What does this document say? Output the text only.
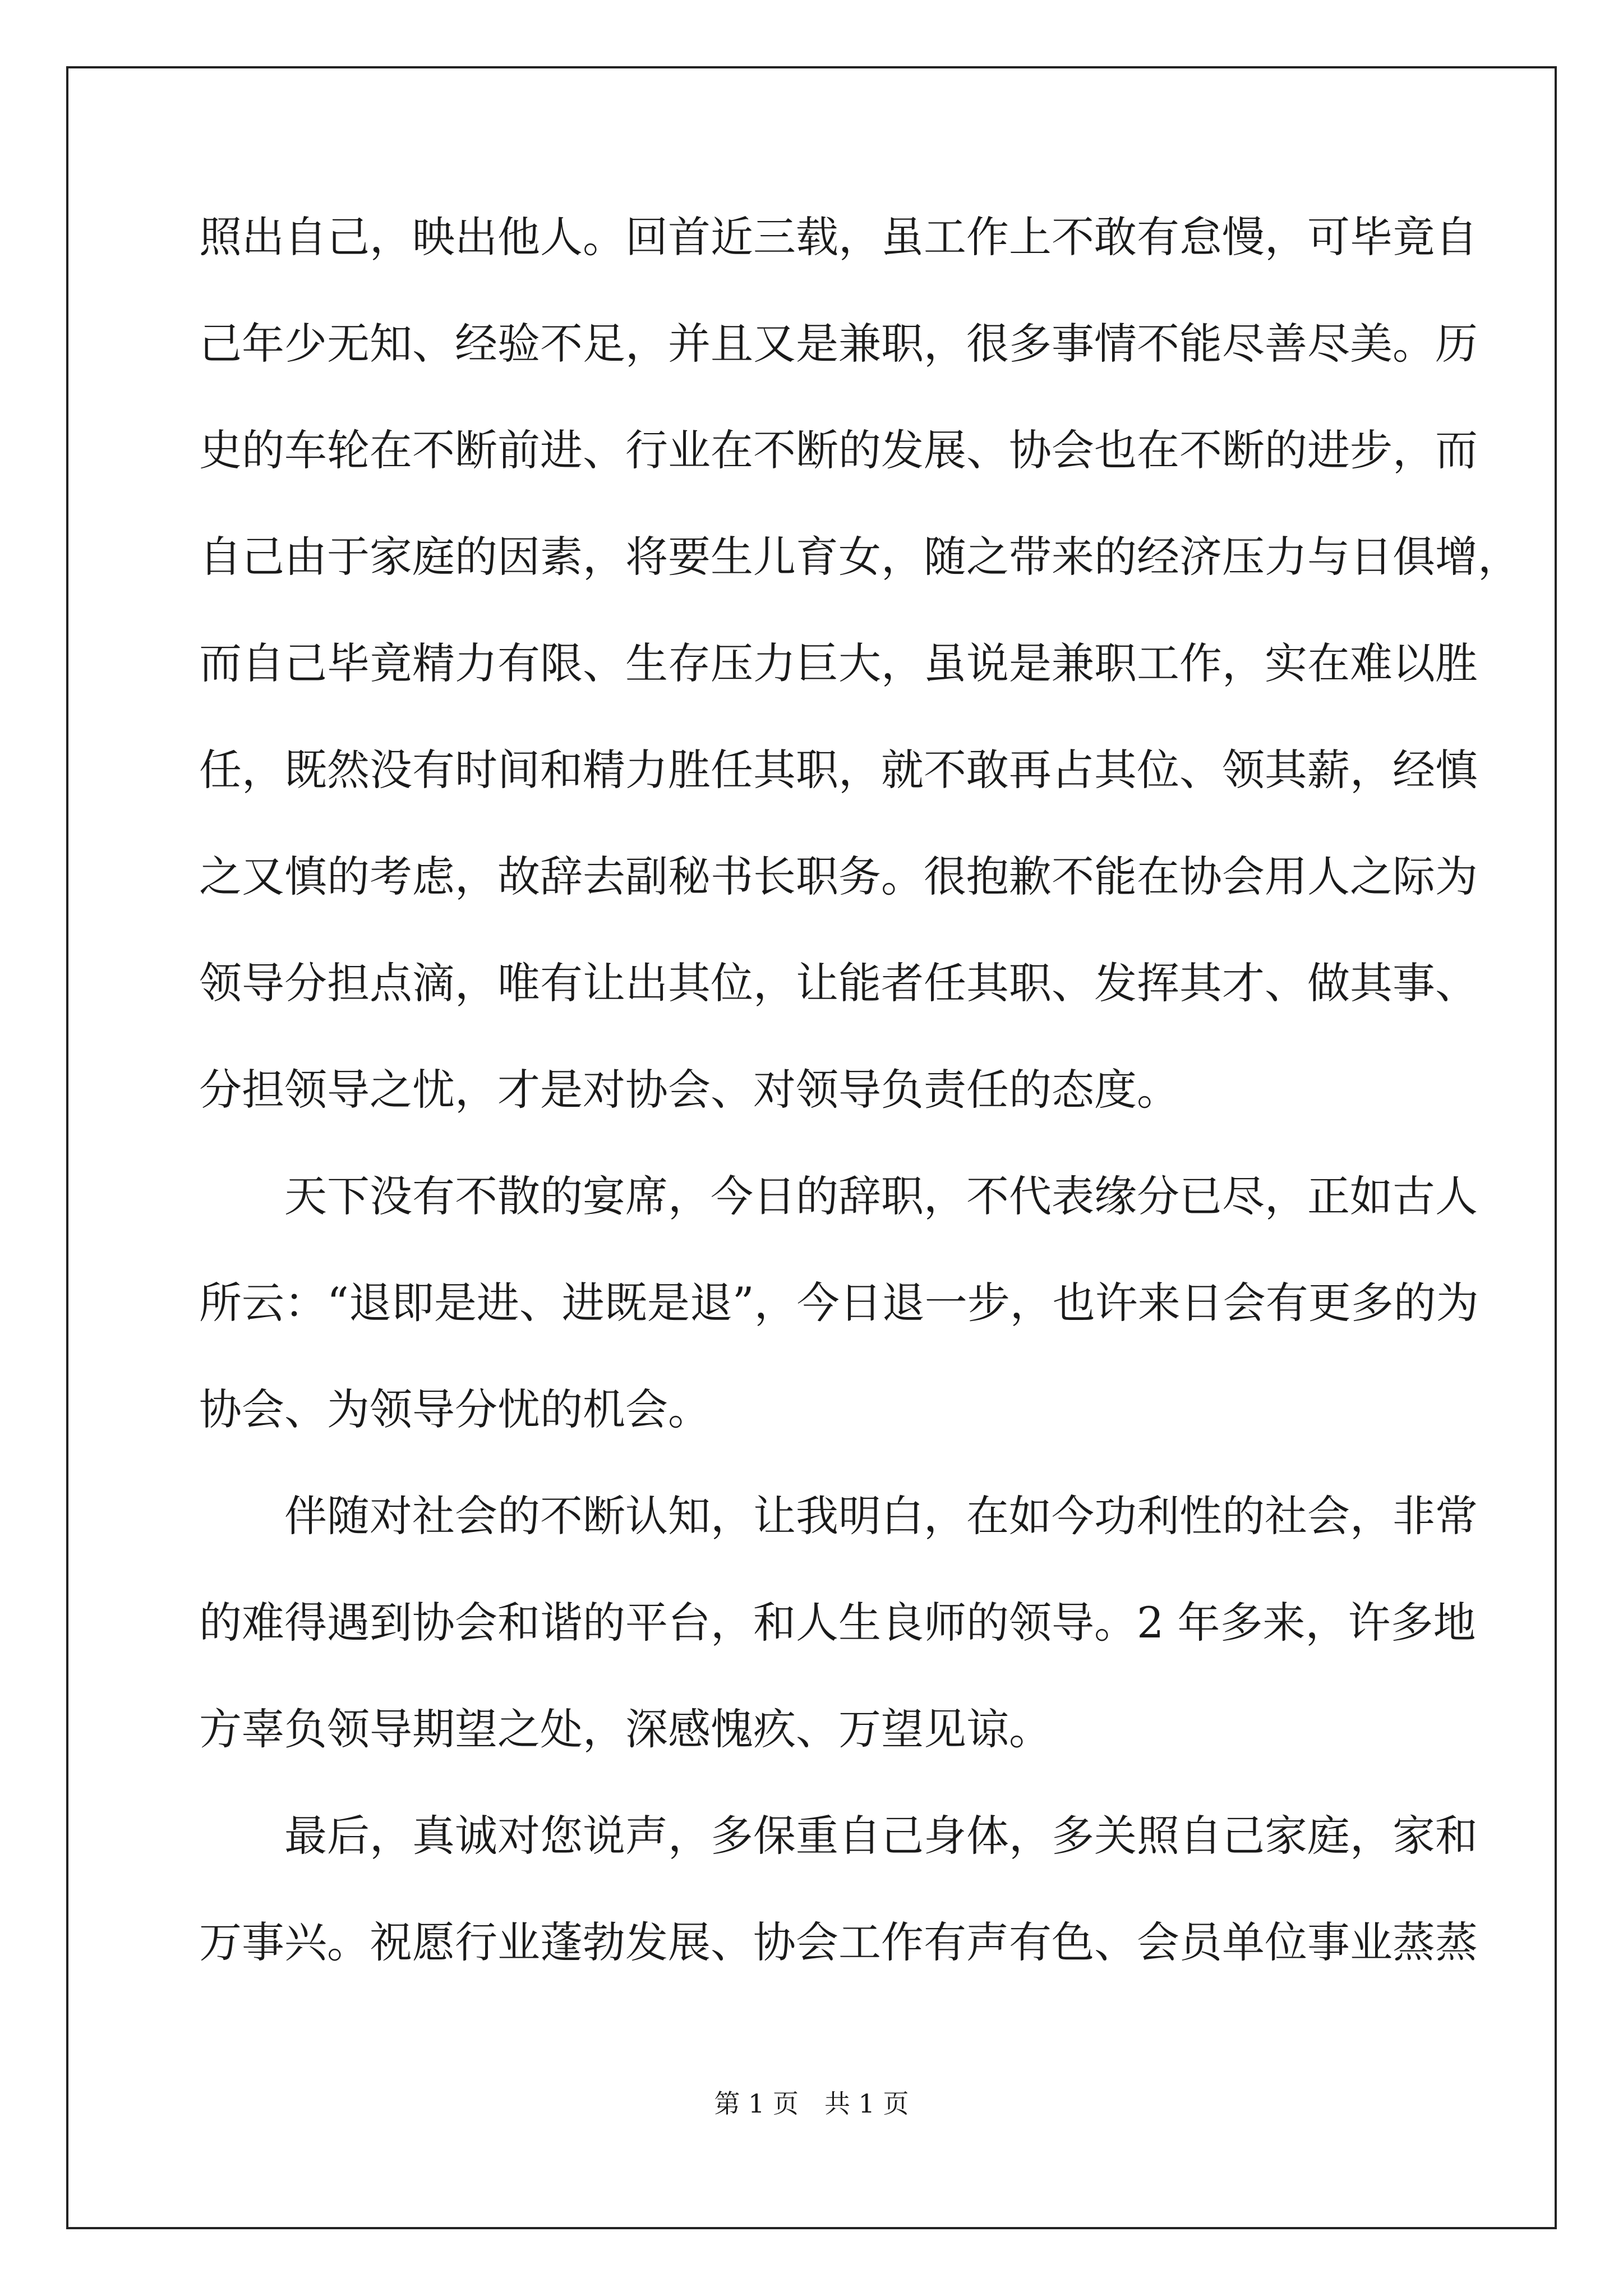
照出自己，映出他人。回首近三载，虽工作上不敢有怠慢，可毕竟自
己年少无知、经验不足，并且又是兼职，很多事情不能尽善尽美。历
史的车轮在不断前进、行业在不断的发展、协会也在不断的进步，而
自己由于家庭的因素，将要生儿育女，随之带来的经济压力与日俱增，
而自己毕竟精力有限、生存压力巨大，虽说是兼职工作，实在难以胜
任，既然没有时间和精力胜任其职，就不敢再占其位、领其薪，经慎
之又慎的考虑，故辞去副秘书长职务。很抱歉不能在协会用人之际为
领导分担点滴，唯有让出其位，让能者任其职、发挥其才、做其事、
分担领导之忧，才是对协会、对领导负责任的态度。
天下没有不散的宴席，今日的辞职，不代表缘分已尽，正如古人
所云：“退即是进、进既是退”，今日退一步，也许来日会有更多的为
协会、为领导分忧的机会。
伴随对社会的不断认知，让我明白，在如今功利性的社会，非常
的难得遇到协会和谐的平台，和人生良师的领导。2 年多来，许多地
方辜负领导期望之处，深感愧疚、万望见谅。
最后，真诚对您说声，多保重自己身体，多关照自己家庭，家和
万事兴。祝愿行业蓬勃发展、协会工作有声有色、会员单位事业蒸蒸
第 1 页　共 1 页
